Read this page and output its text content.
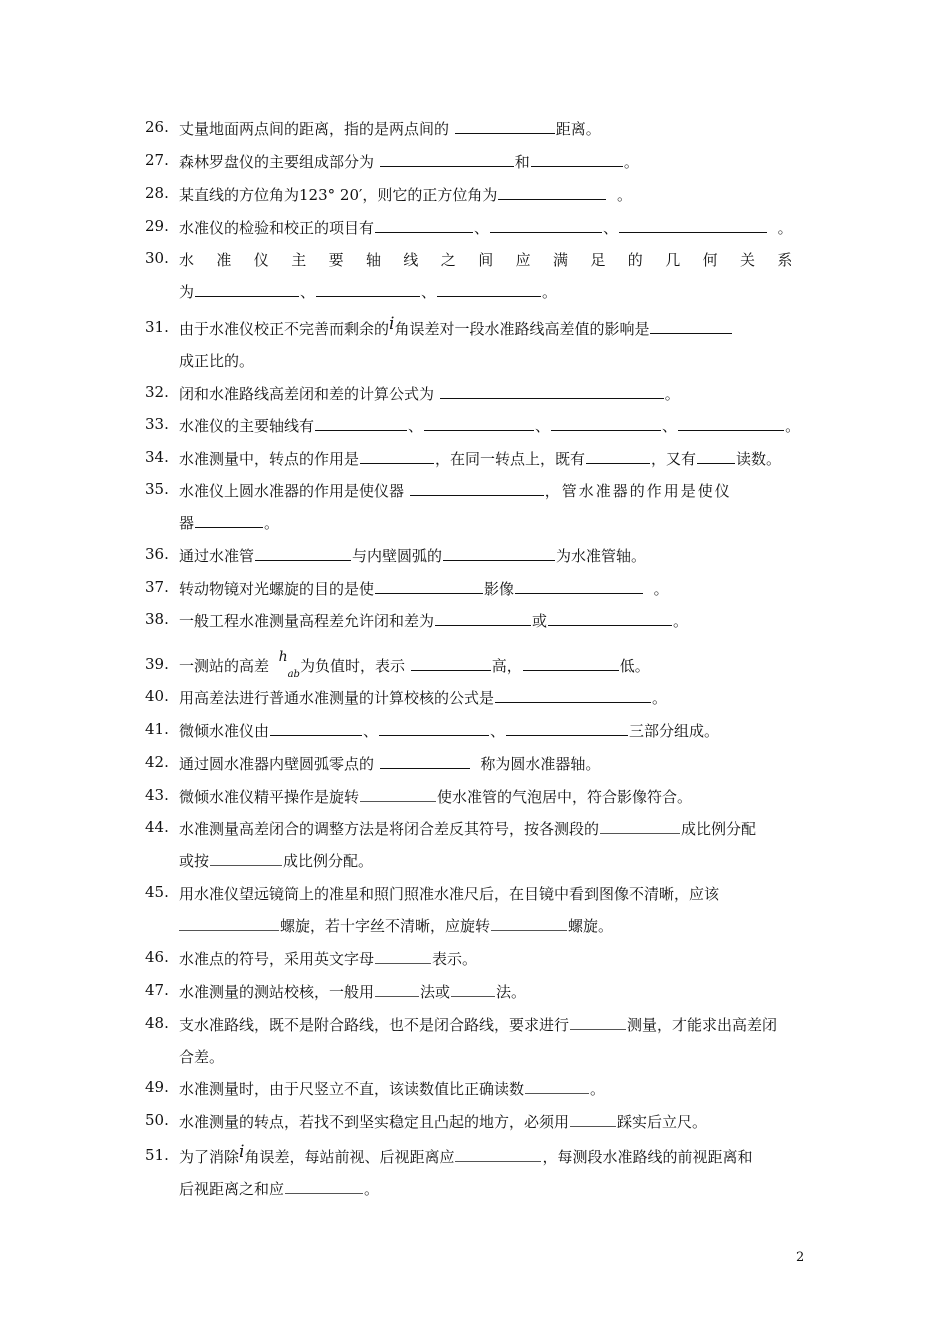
26. 丈量地面两点间的距离，指的是两点间的	距离。
27. 森林罗盘仪的主要组成部分为	和	。
28. 某直线的方位角为123° 20′，则它的正方位角为	。
29. 水准仪的检验和校正的项目有	、	、	。
30. 水准仪主要轴线之间应满足的几何关系
为	、	、	。
31. 由于水准仪校正不完善而剩余的i角误差对一段水准路线高差值的影响是
成正比的。
32. 闭和水准路线高差闭和差的计算公式为	。
33. 水准仪的主要轴线有	、	、	、	。
34. 水准测量中，转点的作用是	，在同一转点上，既有	，又有	读数。
35. 水准仪上圆水准器的作用是使仪器	，管水准器的作用是使仪
器	。
36. 通过水准管	与内壁圆弧的	为水准管轴。
37. 转动物镜对光螺旋的目的是使	影像	。
38. 一般工程水准测量高程差允许闭和差为	或	。
39. 一测站的高差 $h_{ab}$为负值时，表示	高，	低。
40. 用高差法进行普通水准测量的计算校核的公式是	。
41. 微倾水准仪由	、	、	三部分组成。
42. 通过圆水准器内壁圆弧零点的	称为圆水准器轴。
43. 微倾水准仪精平操作是旋转	使水准管的气泡居中，符合影像符合。
44. 水准测量高差闭合的调整方法是将闭合差反其符号，按各测段的	成比例分配
或按	成比例分配。
45. 用水准仪望远镜筒上的准星和照门照准水准尺后，在目镜中看到图像不清晰，应该
螺旋，若十字丝不清晰，应旋转	螺旋。
46. 水准点的符号，采用英文字母	表示。
47. 水准测量的测站校核，一般用	法或	法。
48. 支水准路线，既不是附合路线，也不是闭合路线，要求进行	测量，才能求出高差闭
合差。
49. 水准测量时，由于尺竖立不直，该读数值比正确读数	。
50. 水准测量的转点，若找不到坚实稳定且凸起的地方，必须用	踩实后立尺。
51. 为了消除i角误差，每站前视、后视距离应	，每测段水准路线的前视距离和
后视距离之和应	。
2
